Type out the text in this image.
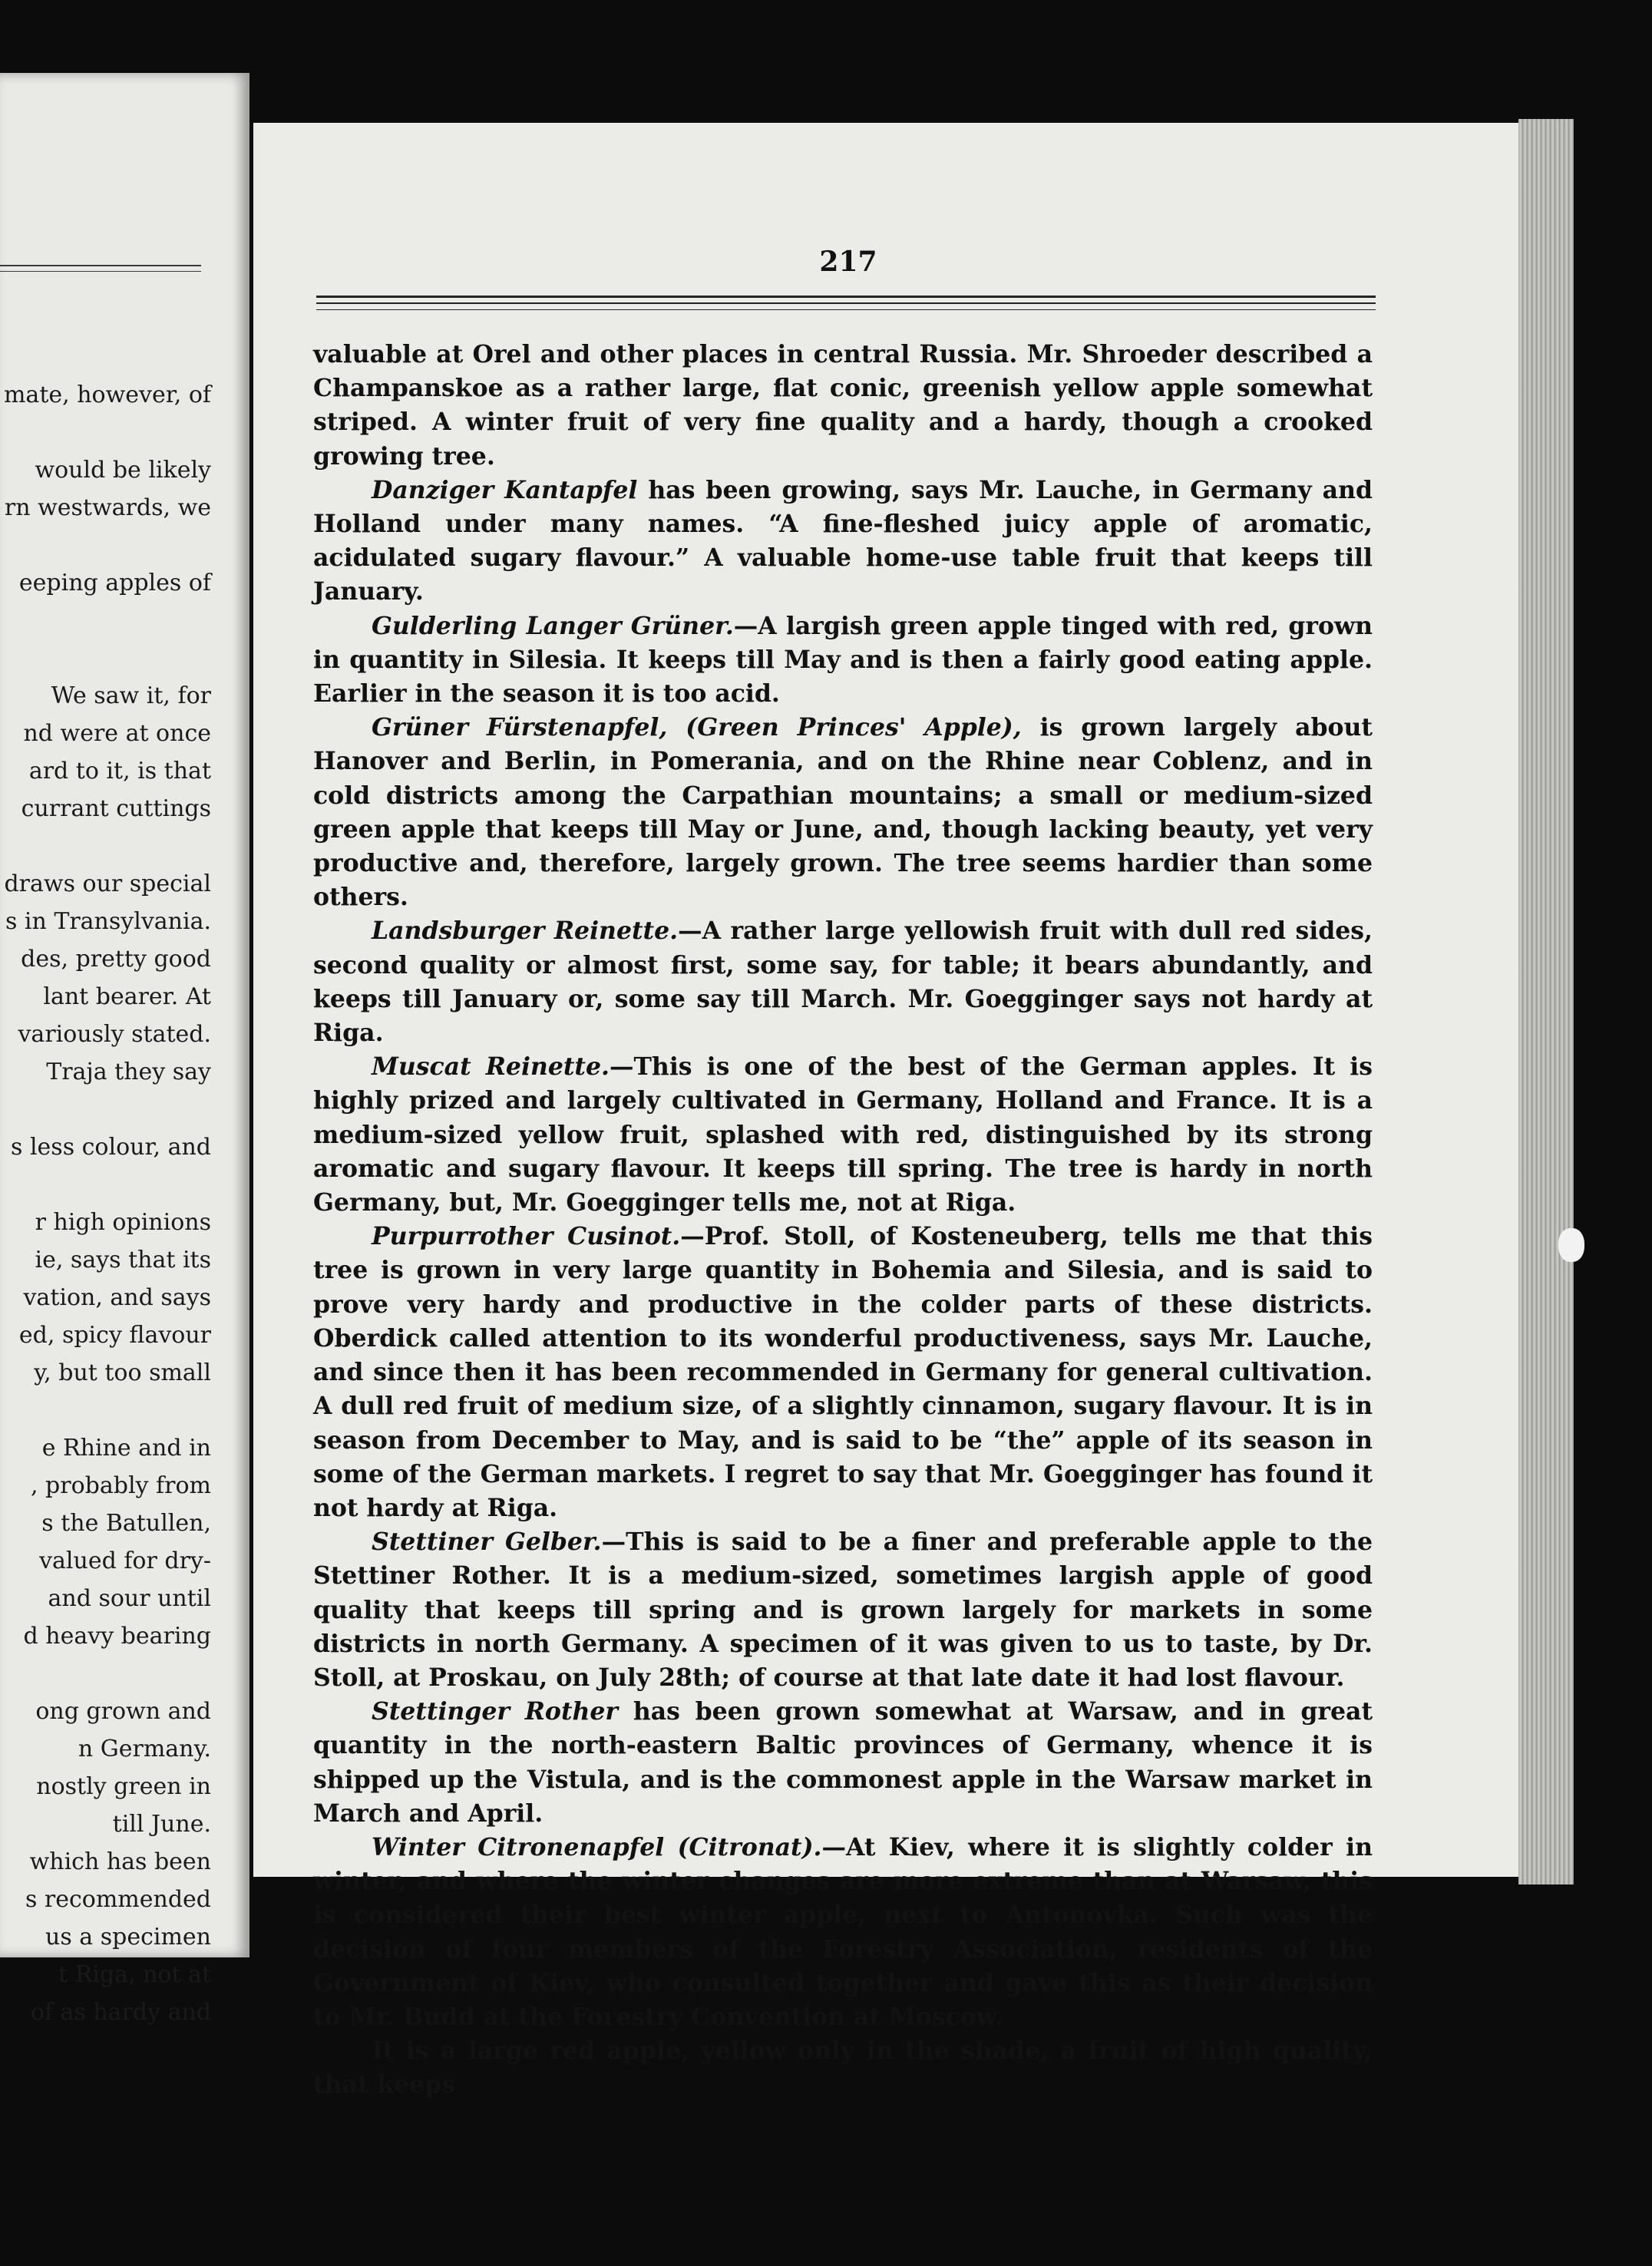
mate, however, of
would be likely
rn westwards, we
eeping apples of
We saw it, for
nd were at once
ard to it, is that
currant cuttings
draws our special
s in Transylvania.
des, pretty good
lant bearer. At
variously stated.
Traja they say
s less colour, and
r high opinions
ie, says that its
vation, and says
ed, spicy flavour
y, but too small
e Rhine and in
, probably from
s the Batullen,
valued for dry-
and sour until
d heavy bearing
ong grown and
n Germany.
nostly green in
till June.
which has been
s recommended
us a specimen
t Riga, not at
of as hardy and
217

valuable at Orel and other places in central Russia. Mr. Shroeder described a Champanskoe as a rather large, flat conic, greenish yellow apple somewhat striped. A winter fruit of very fine quality and a hardy, though a crooked growing tree.

Danziger Kantapfel has been growing, says Mr. Lauche, in Germany and Holland under many names. “A fine-fleshed juicy apple of aromatic, acidulated sugary flavour.” A valuable home-use table fruit that keeps till January.

Gulderling Langer Grüner.—A largish green apple tinged with red, grown in quantity in Silesia. It keeps till May and is then a fairly good eating apple. Earlier in the season it is too acid.

Grüner Fürstenapfel, (Green Princes' Apple), is grown largely about Hanover and Berlin, in Pomerania, and on the Rhine near Coblenz, and in cold districts among the Carpathian mountains; a small or medium-sized green apple that keeps till May or June, and, though lacking beauty, yet very productive and, therefore, largely grown. The tree seems hardier than some others.

Landsburger Reinette.—A rather large yellowish fruit with dull red sides, second quality or almost first, some say, for table; it bears abundantly, and keeps till January or, some say till March. Mr. Goegginger says not hardy at Riga.

Muscat Reinette.—This is one of the best of the German apples. It is highly prized and largely cultivated in Germany, Holland and France. It is a medium-sized yellow fruit, splashed with red, distinguished by its strong aromatic and sugary flavour. It keeps till spring. The tree is hardy in north Germany, but, Mr. Goegginger tells me, not at Riga.

Purpurrother Cusinot.—Prof. Stoll, of Kosteneuberg, tells me that this tree is grown in very large quantity in Bohemia and Silesia, and is said to prove very hardy and productive in the colder parts of these districts. Oberdick called attention to its wonderful productiveness, says Mr. Lauche, and since then it has been recommended in Germany for general cultivation. A dull red fruit of medium size, of a slightly cinnamon, sugary flavour. It is in season from December to May, and is said to be “the” apple of its season in some of the German markets. I regret to say that Mr. Goegginger has found it not hardy at Riga.

Stettiner Gelber.—This is said to be a finer and preferable apple to the Stettiner Rother. It is a medium-sized, sometimes largish apple of good quality that keeps till spring and is grown largely for markets in some districts in north Germany. A specimen of it was given to us to taste, by Dr. Stoll, at Proskau, on July 28th; of course at that late date it had lost flavour.

Stettinger Rother has been grown somewhat at Warsaw, and in great quantity in the north-eastern Baltic provinces of Germany, whence it is shipped up the Vistula, and is the commonest apple in the Warsaw market in March and April.

Winter Citronenapfel (Citronat).—At Kiev, where it is slightly colder in winter, and where the winter changes are more extreme than at Warsaw, this is considered their best winter apple, next to Antonovka. Such was the decision of four members of the Forestry Association, residents of the Government of Kiev, who consulted together and gave this as their decision to Mr. Budd at the Forestry Convention at Moscow.

It is a large red apple, yellow only in the shade, a fruit of high quality, that keeps
